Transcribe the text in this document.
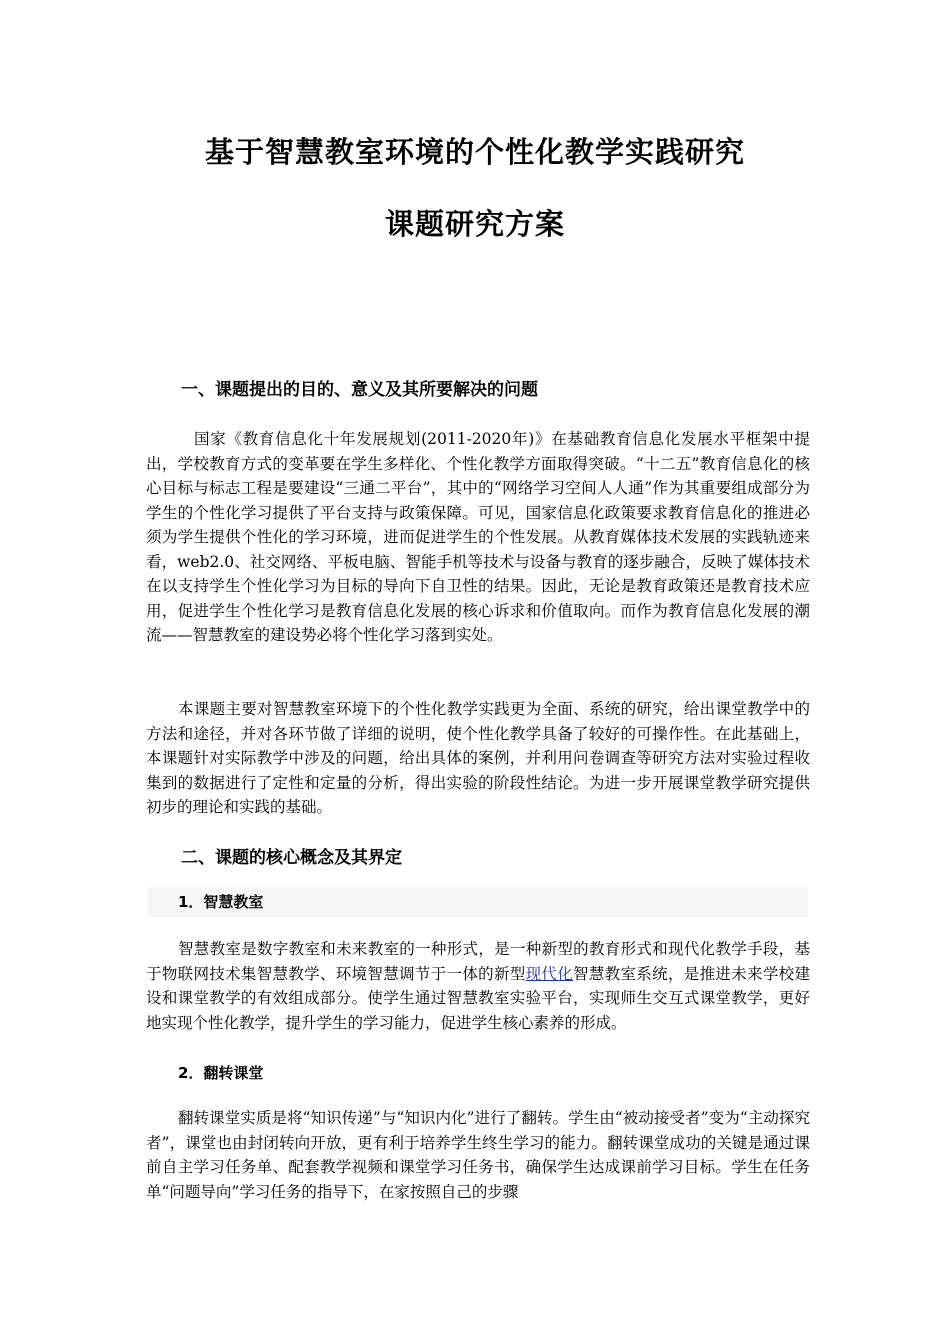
基于智慧教室环境的个性化教学实践研究
课题研究方案
一、课题提出的目的、意义及其所要解决的问题

国家《教育信息化十年发展规划(2011-2020年)》在基础教育信息化发展水平框架中提出，学校教育方式的变革要在学生多样化、个性化教学方面取得突破。“十二五”教育信息化的核心目标与标志工程是要建设“三通二平台”，其中的“网络学习空间人人通”作为其重要组成部分为学生的个性化学习提供了平台支持与政策保障。可见，国家信息化政策要求教育信息化的推进必须为学生提供个性化的学习环境，进而促进学生的个性发展。从教育媒体技术发展的实践轨迹来看，web2.0、社交网络、平板电脑、智能手机等技术与设备与教育的逐步融合，反映了媒体技术在以支持学生个性化学习为目标的导向下自卫性的结果。因此，无论是教育政策还是教育技术应用，促进学生个性化学习是教育信息化发展的核心诉求和价值取向。而作为教育信息化发展的潮流——智慧教室的建设势必将个性化学习落到实处。

本课题主要对智慧教室环境下的个性化教学实践更为全面、系统的研究，给出课堂教学中的方法和途径，并对各环节做了详细的说明，使个性化教学具备了较好的可操作性。在此基础上，本课题针对实际教学中涉及的问题，给出具体的案例，并利用问卷调查等研究方法对实验过程收集到的数据进行了定性和定量的分析，得出实验的阶段性结论。为进一步开展课堂教学研究提供初步的理论和实践的基础。

二、课题的核心概念及其界定
1．智慧教室

智慧教室是数字教室和未来教室的一种形式，是一种新型的教育形式和现代化教学手段，基于物联网技术集智慧教学、环境智慧调节于一体的新型现代化智慧教室系统，是推进未来学校建设和课堂教学的有效组成部分。使学生通过智慧教室实验平台，实现师生交互式课堂教学，更好地实现个性化教学，提升学生的学习能力，促进学生核心素养的形成。

2．翻转课堂

翻转课堂实质是将“知识传递”与“知识内化”进行了翻转。学生由“被动接受者”变为“主动探究者”，课堂也由封闭转向开放，更有利于培养学生终生学习的能力。翻转课堂成功的关键是通过课前自主学习任务单、配套教学视频和课堂学习任务书，确保学生达成课前学习目标。学生在任务单“问题导向”学习任务的指导下，在家按照自己的步骤
